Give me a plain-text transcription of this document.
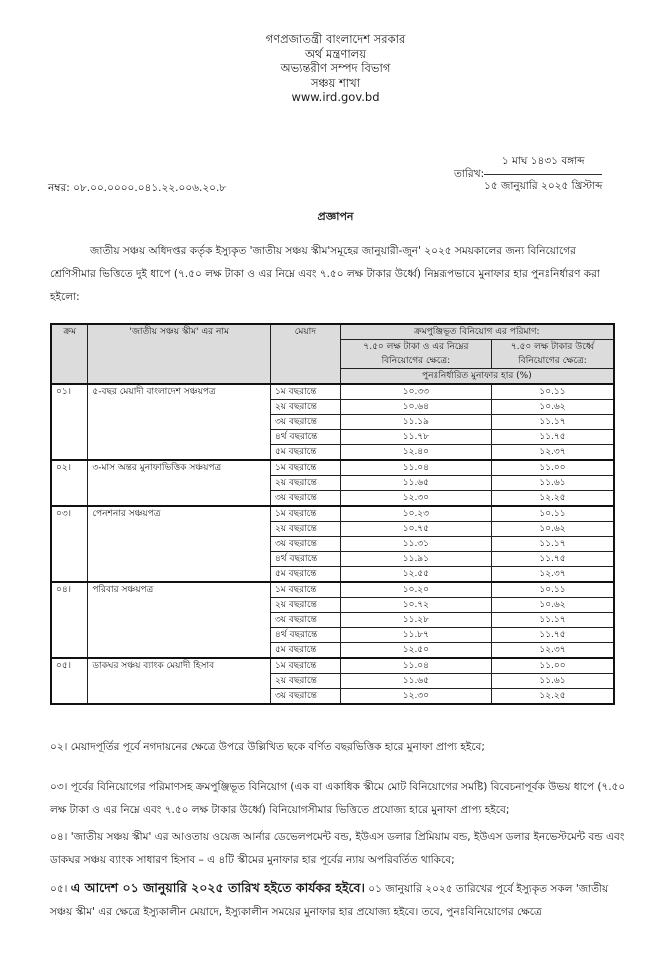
গণপ্রজাতন্ত্রী বাংলাদেশ সরকার
অর্থ মন্ত্রণালয়
অভ্যন্তরীণ সম্পদ বিভাগ
সঞ্চয় শাখা
www.ird.gov.bd
নম্বর: ০৮.০০.০০০০.০৪১.২২.০০৬.২০.৮
তারিখ:
১ মাঘ ১৪৩১ বঙ্গাব্দ
১৫ জানুয়ারি ২০২৫ খ্রিস্টাব্দ
প্রজ্ঞাপন
জাতীয় সঞ্চয় অধিদপ্তর কর্তৃক ইস্যুকৃত 'জাতীয় সঞ্চয় স্কীম'সমূহের জানুয়ারী-জুন' ২০২৫ সময়কালের জন্য বিনিয়োগের শ্রেণিসীমার ভিত্তিতে দুই ধাপে (৭.৫০ লক্ষ টাকা ও এর নিম্নে এবং ৭.৫০ লক্ষ টাকার উর্ধ্বে) নিম্নরূপভাবে মুনাফার হার পুনঃনির্ধারণ করা হইলো:
ক্রম	'জাতীয় সঞ্চয় স্কীম' এর নাম	মেয়াদ	ক্রমপুঞ্জিভূত বিনিয়োগ এর পরিমাণ:	
			৭.৫০ লক্ষ টাকা ও এর নিম্নের বিনিয়োগের ক্ষেত্রে:	৭.৫০ লক্ষ টাকার উর্ধ্বে বিনিয়োগের ক্ষেত্রে:
			পুনঃনির্ধারিত মুনাফার হার (%)	
০১।	৫-বছর মেয়াদী বাংলাদেশ সঞ্চয়পত্র	১ম বছরান্তে	১০.৩৩	১০.১১
		২য় বছরান্তে	১০.৬৪	১০.৬২
		৩য় বছরান্তে	১১.১৯	১১.১৭
		৪র্থ বছরান্তে	১১.৭৮	১১.৭৫
		৫ম বছরান্তে	১২.৪০	১২.৩৭
০২।	৩-মাস অন্তর মুনাফাভিত্তিক সঞ্চয়পত্র	১ম বছরান্তে	১১.০৪	১১.০০
		২য় বছরান্তে	১১.৬৫	১১.৬১
		৩য় বছরান্তে	১২.৩০	১২.২৫
০৩।	পেনশনার সঞ্চয়পত্র	১ম বছরান্তে	১০.২৩	১০.১১
		২য় বছরান্তে	১০.৭৫	১০.৬২
		৩য় বছরান্তে	১১.৩১	১১.১৭
		৪র্থ বছরান্তে	১১.৯১	১১.৭৫
		৫ম বছরান্তে	১২.৫৫	১২.৩৭
০৪।	পরিবার সঞ্চয়পত্র	১ম বছরান্তে	১০.২০	১০.১১
		২য় বছরান্তে	১০.৭২	১০.৬২
		৩য় বছরান্তে	১১.২৮	১১.১৭
		৪র্থ বছরান্তে	১১.৮৭	১১.৭৫
		৫ম বছরান্তে	১২.৫০	১২.৩৭
০৫।	ডাকঘর সঞ্চয় ব্যাংক মেয়াদী হিসাব	১ম বছরান্তে	১১.০৪	১১.০০
		২য় বছরান্তে	১১.৬৫	১১.৬১
		৩য় বছরান্তে	১২.৩০	১২.২৫
০২। মেয়াদপূর্তির পূর্বে নগদায়নের ক্ষেত্রে উপরে উল্লিখিত ছকে বর্ণিত বছরভিত্তিক হারে মুনাফা প্রাপ্য হইবে;
০৩। পূর্বের বিনিয়োগের পরিমাণসহ ক্রমপুঞ্জিভূত বিনিয়োগ (এক বা একাধিক স্কীমে মোট বিনিয়োগের সমষ্টি) বিবেচনাপূর্বক উভয় ধাপে (৭.৫০ লক্ষ টাকা ও এর নিম্নে এবং ৭.৫০ লক্ষ টাকার উর্ধ্বে) বিনিয়োগসীমার ভিত্তিতে প্রযোজ্য হারে মুনাফা প্রাপ্য হইবে;
০৪। 'জাতীয় সঞ্চয় স্কীম' এর আওতায় ওয়েজ আর্নার ডেভেলপমেন্ট বন্ড, ইউএস ডলার প্রিমিয়াম বন্ড, ইউএস ডলার ইনভেস্টমেন্ট বন্ড এবং ডাকঘর সঞ্চয় ব্যাংক সাধারণ হিসাব – এ ৪টি স্কীমের মুনাফার হার পূর্বের ন্যায় অপরিবর্তিত থাকিবে;
০৫। এ আদেশ ০১ জানুয়ারি ২০২৫ তারিখ হইতে কার্যকর হইবে। ০১ জানুয়ারি ২০২৫ তারিখের পূর্বে ইস্যুকৃত সকল 'জাতীয় সঞ্চয় স্কীম' এর ক্ষেত্রে ইস্যুকালীন মেয়াদে, ইস্যুকালীন সময়ের মুনাফার হার প্রযোজ্য হইবে। তবে, পুনঃবিনিয়োগের ক্ষেত্রে
